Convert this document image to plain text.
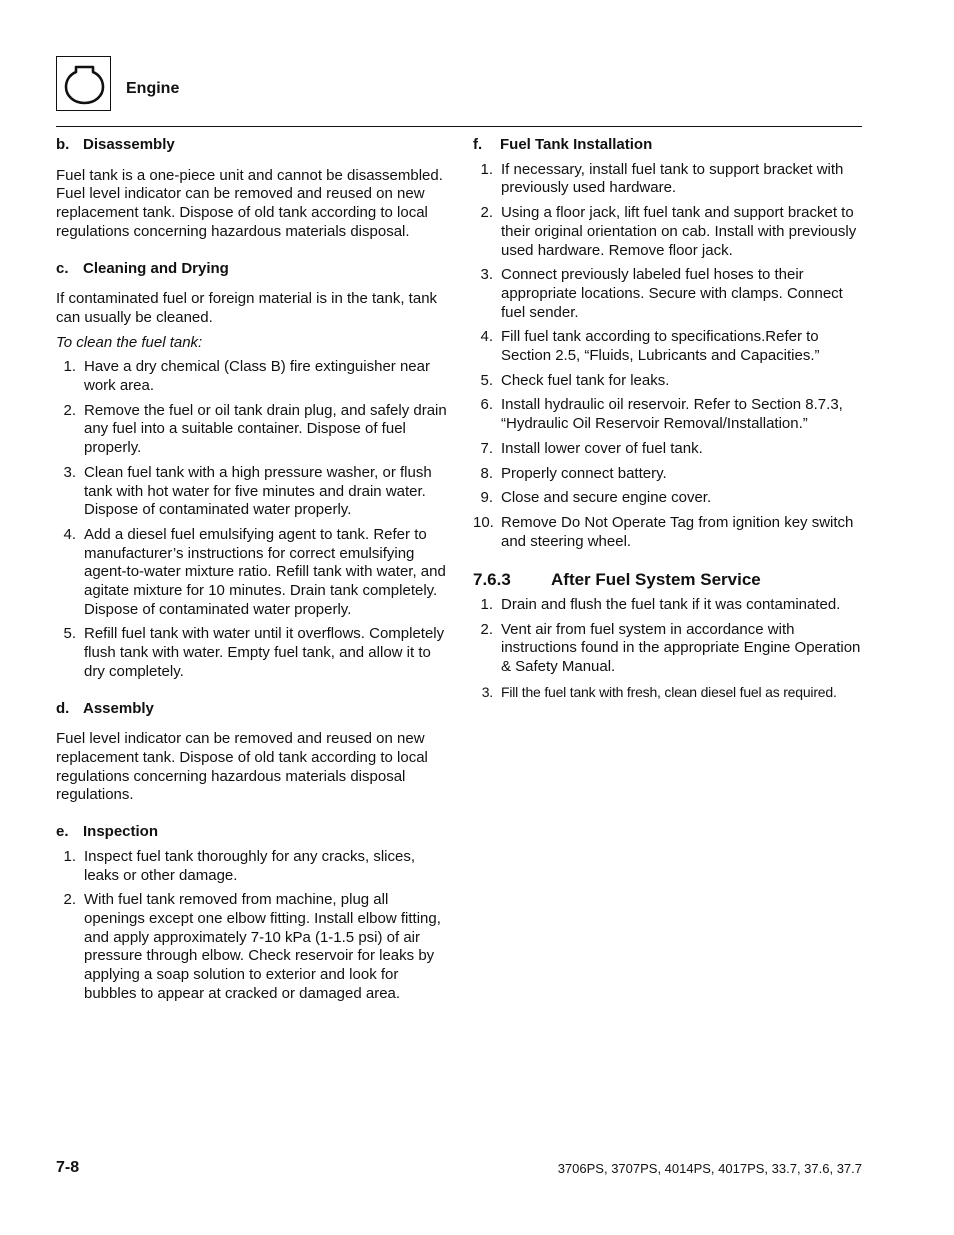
Engine
b. Disassembly

Fuel tank is a one-piece unit and cannot be disassembled. Fuel level indicator can be removed and reused on new replacement tank. Dispose of old tank according to local regulations concerning hazardous materials disposal.

c. Cleaning and Drying

If contaminated fuel or foreign material is in the tank, tank can usually be cleaned.

To clean the fuel tank:

1. Have a dry chemical (Class B) fire extinguisher near work area.
2. Remove the fuel or oil tank drain plug, and safely drain any fuel into a suitable container. Dispose of fuel properly.
3. Clean fuel tank with a high pressure washer, or flush tank with hot water for five minutes and drain water. Dispose of contaminated water properly.
4. Add a diesel fuel emulsifying agent to tank. Refer to manufacturer’s instructions for correct emulsifying agent-to-water mixture ratio. Refill tank with water, and agitate mixture for 10 minutes. Drain tank completely. Dispose of contaminated water properly.
5. Refill fuel tank with water until it overflows. Completely flush tank with water. Empty fuel tank, and allow it to dry completely.
d. Assembly

Fuel level indicator can be removed and reused on new replacement tank. Dispose of old tank according to local regulations concerning hazardous materials disposal regulations.

e. Inspection
1. Inspect fuel tank thoroughly for any cracks, slices, leaks or other damage.
2. With fuel tank removed from machine, plug all openings except one elbow fitting. Install elbow fitting, and apply approximately 7-10 kPa (1-1.5 psi) of air pressure through elbow. Check reservoir for leaks by applying a soap solution to exterior and look for bubbles to appear at cracked or damaged area.
f. Fuel Tank Installation
1. If necessary, install fuel tank to support bracket with previously used hardware.
2. Using a floor jack, lift fuel tank and support bracket to their original orientation on cab. Install with previously used hardware. Remove floor jack.
3. Connect previously labeled fuel hoses to their appropriate locations. Secure with clamps. Connect fuel sender.
4. Fill fuel tank according to specifications.Refer to Section 2.5, “Fluids, Lubricants and Capacities.”
5. Check fuel tank for leaks.
6. Install hydraulic oil reservoir. Refer to Section 8.7.3, “Hydraulic Oil Reservoir Removal/Installation.”
7. Install lower cover of fuel tank.
8. Properly connect battery.
9. Close and secure engine cover.
10. Remove Do Not Operate Tag from ignition key switch and steering wheel.
7.6.3 After Fuel System Service
1. Drain and flush the fuel tank if it was contaminated.
2. Vent air from fuel system in accordance with instructions found in the appropriate Engine Operation & Safety Manual.
3. Fill the fuel tank with fresh, clean diesel fuel as required.
7-8	3706PS, 3707PS, 4014PS, 4017PS, 33.7, 37.6, 37.7
